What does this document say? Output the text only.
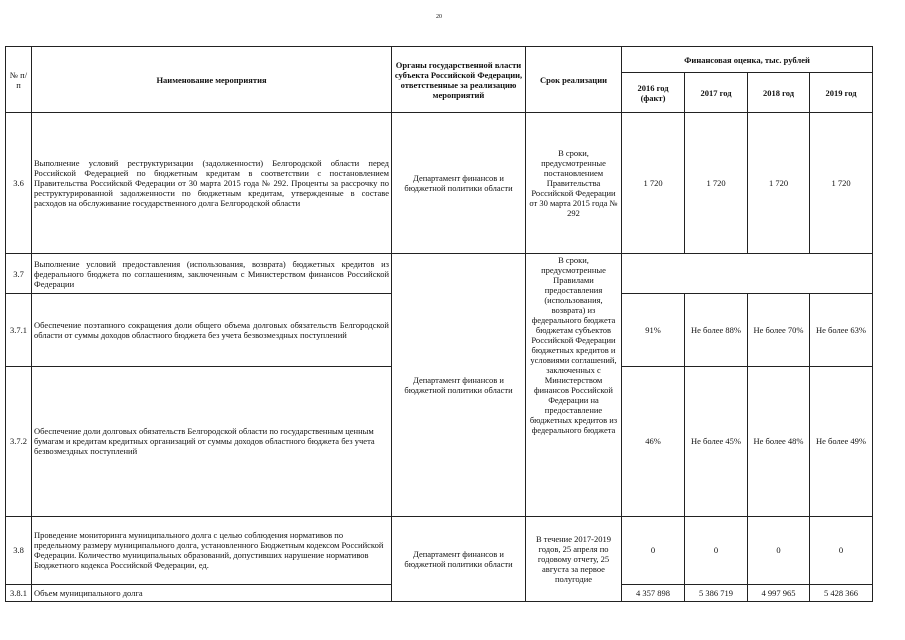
20
№ п/п	Наименование мероприятия	Органы государственной власти субъекта Российской Федерации, ответственные за реализацию мероприятий	Срок реализации	Финансовая оценка, тыс. рублей			
				2016 год (факт)	2017 год	2018 год	2019 год
3.6	Выполнение условий реструктуризации (задолженности) Белгородской области перед Российской Федерацией по бюджетным кредитам в соответствии с постановлением Правительства Российской Федерации от 30 марта 2015 года № 292. Проценты за рассрочку по реструктурированной задолженности по бюджетным кредитам, утвержденные в составе расходов на обслуживание государственного долга Белгородской области	Департамент финансов и бюджетной политики области	В сроки, предусмотренные постановлением Правительства Российской Федерации от 30 марта 2015 года № 292	1 720	1 720	1 720	1 720
3.7	Выполнение условий предоставления (использования, возврата) бюджетных кредитов из федерального бюджета по соглашениям, заключенным с Министерством финансов Российской Федерации	Департамент финансов и бюджетной политики области	В сроки, предусмотренные Правилами предоставления (использования, возврата) из федерального бюджета бюджетам субъектов Российской Федерации бюджетных кредитов и условиями соглашений, заключенных с Министерством финансов Российской Федерации на предоставление бюджетных кредитов из федерального бюджета				
3.7.1	Обеспечение поэтапного сокращения доли общего объема долговых обязательств Белгородской области от суммы доходов областного бюджета без учета безвозмездных поступлений			91%	Не более 88%	Не более 70%	Не более 63%
3.7.2	Обеспечение доли долговых обязательств Белгородской области по государственным ценным бумагам и кредитам кредитных организаций от суммы доходов областного бюджета без учета безвозмездных поступлений			46%	Не более 45%	Не более 48%	Не более 49%
3.8	Проведение мониторинга муниципального долга с целью соблюдения нормативов по предельному размеру муниципального долга, установленного Бюджетным кодексом Российской Федерации. Количество муниципальных образований, допустивших нарушение нормативов Бюджетного кодекса Российской Федерации, ед.	Департамент финансов и бюджетной политики области	В течение 2017-2019 годов, 25 апреля по годовому отчету, 25 августа за первое полугодие	0	0	0	0
3.8.1	Объем муниципального долга			4 357 898	5 386 719	4 997 965	5 428 366
